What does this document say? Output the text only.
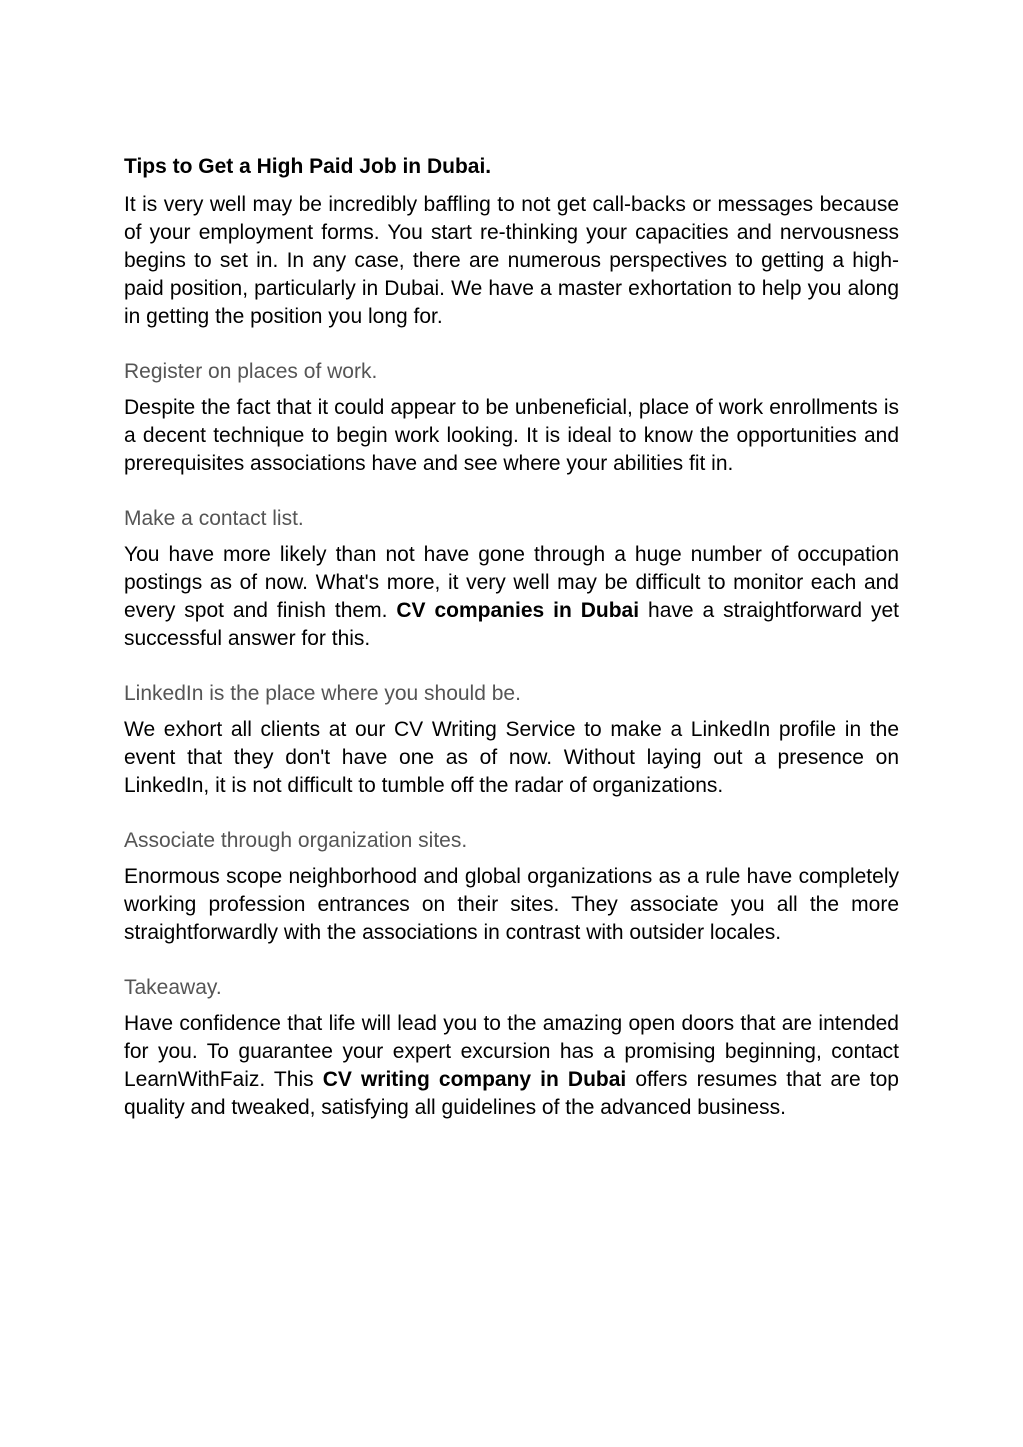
Tips to Get a High Paid Job in Dubai.

It is very well may be incredibly baffling to not get call-backs or messages because of your employment forms. You start re-thinking your capacities and nervousness begins to set in. In any case, there are numerous perspectives to getting a high-paid position, particularly in Dubai. We have a master exhortation to help you along in getting the position you long for.

Register on places of work.

Despite the fact that it could appear to be unbeneficial, place of work enrollments is a decent technique to begin work looking. It is ideal to know the opportunities and prerequisites associations have and see where your abilities fit in.

Make a contact list.

You have more likely than not have gone through a huge number of occupation postings as of now. What's more, it very well may be difficult to monitor each and every spot and finish them. CV companies in Dubai have a straightforward yet successful answer for this.

LinkedIn is the place where you should be.

We exhort all clients at our CV Writing Service to make a LinkedIn profile in the event that they don't have one as of now. Without laying out a presence on LinkedIn, it is not difficult to tumble off the radar of organizations.

Associate through organization sites.

Enormous scope neighborhood and global organizations as a rule have completely working profession entrances on their sites. They associate you all the more straightforwardly with the associations in contrast with outsider locales.

Takeaway.

Have confidence that life will lead you to the amazing open doors that are intended for you. To guarantee your expert excursion has a promising beginning, contact LearnWithFaiz. This CV writing company in Dubai offers resumes that are top quality and tweaked, satisfying all guidelines of the advanced business.
